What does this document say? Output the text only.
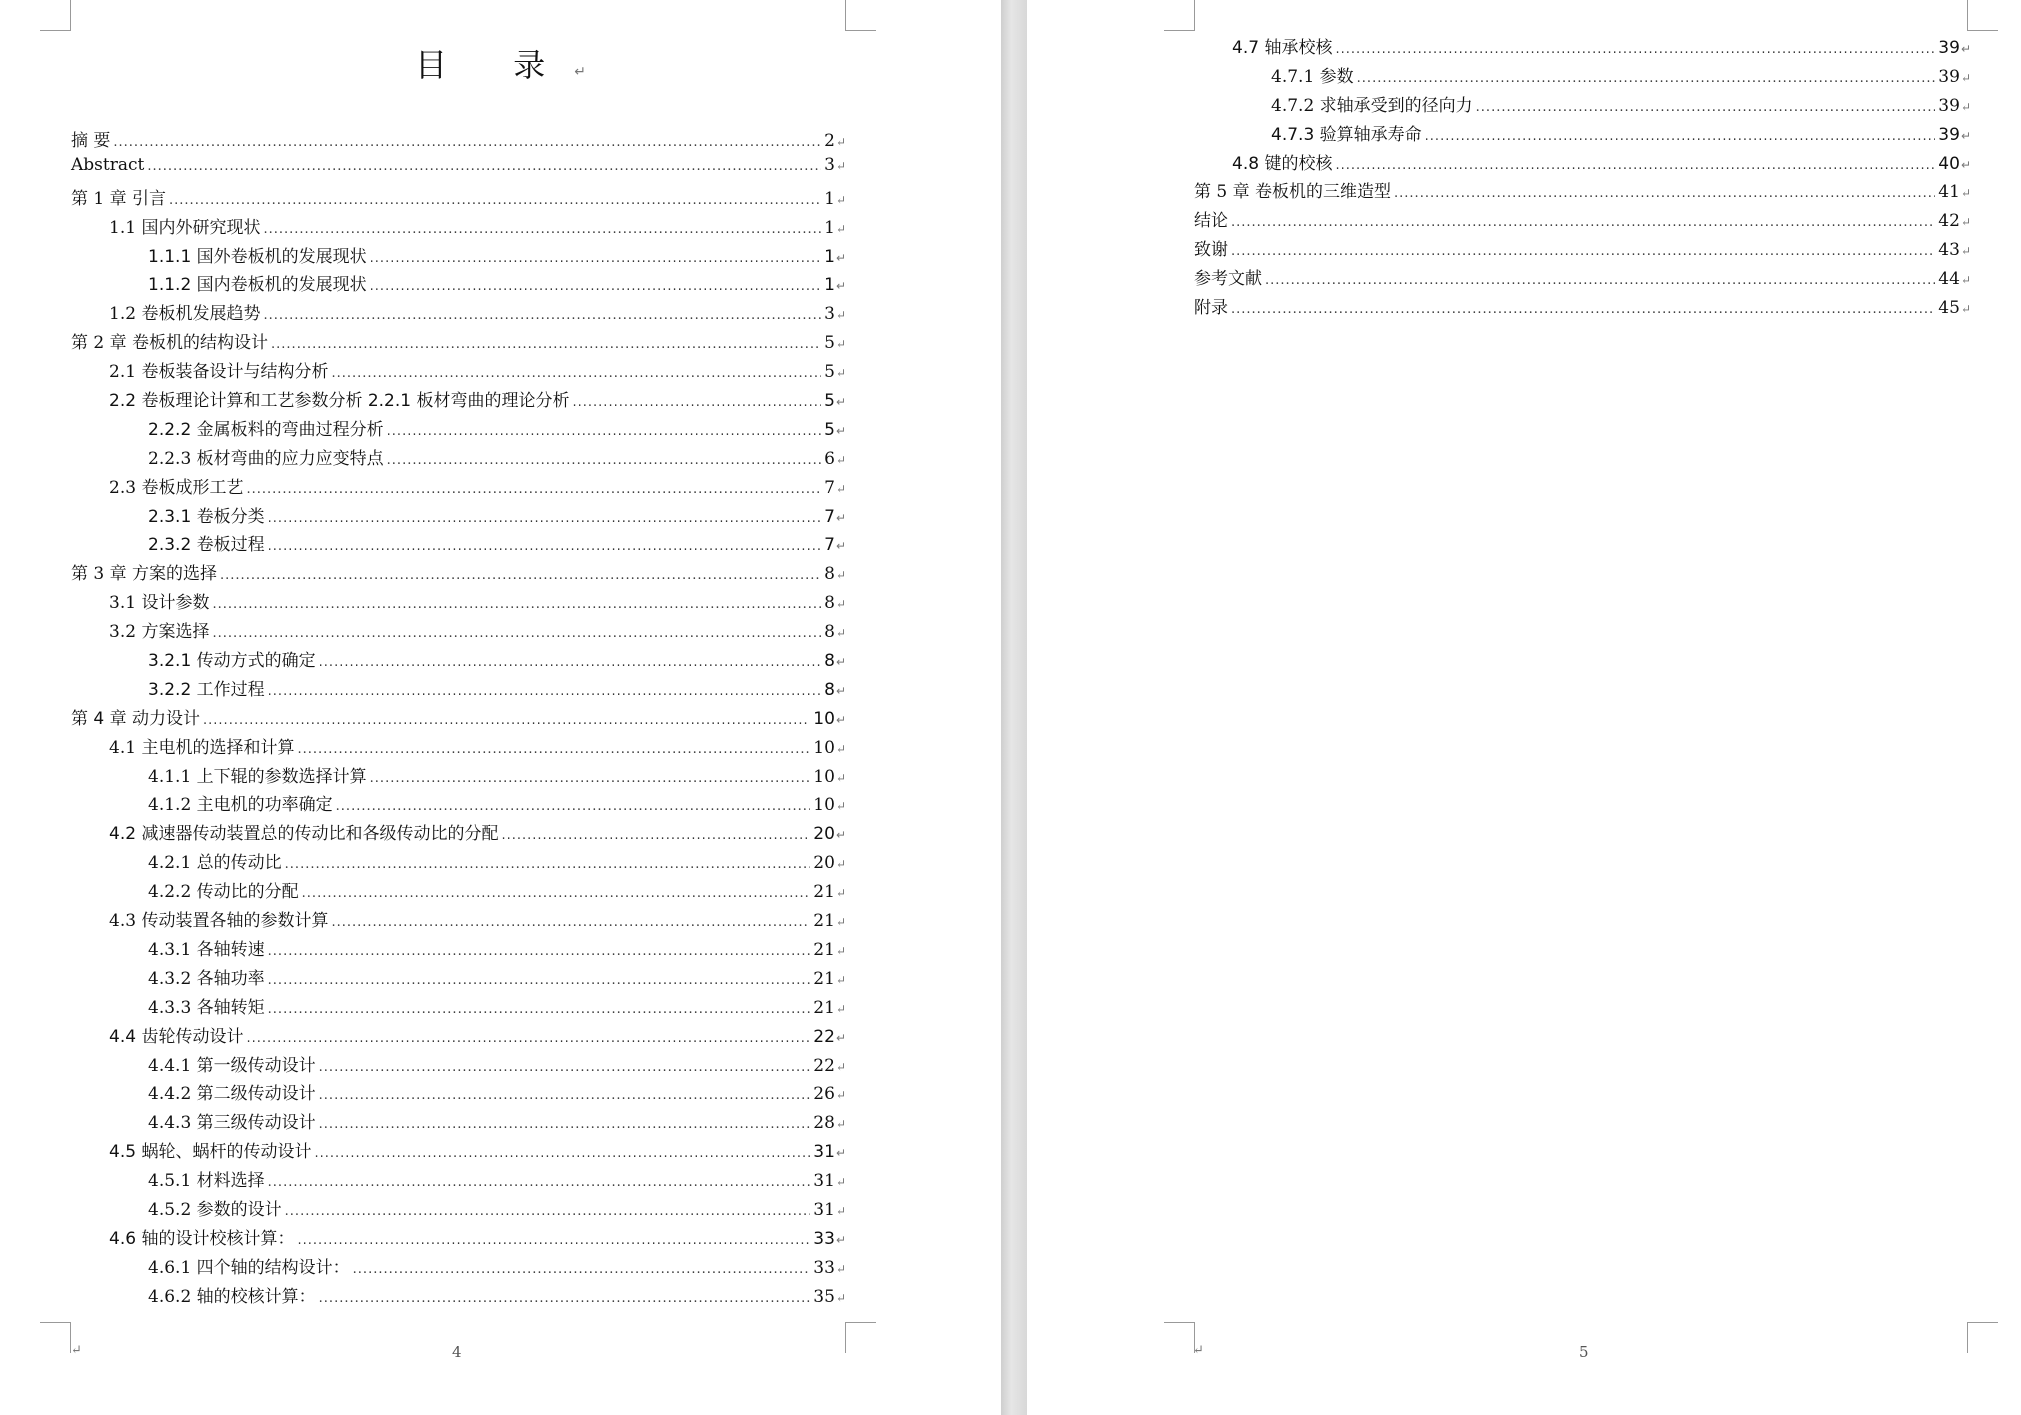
目 录↵
摘 要 .....	2 ↵
Abstract .....	3 ↵
第 1 章 引言 .....	1 ↵
1.1 国内外研究现状 .....	1 ↵
1.1.1 国外卷板机的发展现状 .....	1 ↵
1.1.2 国内卷板机的发展现状 .....	1 ↵
1.2 卷板机发展趋势 .....	3 ↵
第 2 章 卷板机的结构设计 .....	5 ↵
2.1 卷板装备设计与结构分析 .....	5 ↵
2.2 卷板理论计算和工艺参数分析 2.2.1 板材弯曲的理论分析 .....	5 ↵
2.2.2 金属板料的弯曲过程分析 .....	5 ↵
2.2.3 板材弯曲的应力应变特点 .....	6 ↵
2.3 卷板成形工艺 .....	7 ↵
2.3.1 卷板分类 .....	7 ↵
2.3.2 卷板过程 .....	7 ↵
第 3 章 方案的选择 .....	8 ↵
3.1 设计参数 .....	8 ↵
3.2 方案选择 .....	8 ↵
3.2.1 传动方式的确定 .....	8 ↵
3.2.2 工作过程 .....	8 ↵
第 4 章 动力设计 .....	10 ↵
4.1 主电机的选择和计算 .....	10 ↵
4.1.1 上下辊的参数选择计算 .....	10 ↵
4.1.2 主电机的功率确定 .....	10 ↵
4.2 减速器传动装置总的传动比和各级传动比的分配 .....	20 ↵
4.2.1 总的传动比 .....	20 ↵
4.2.2 传动比的分配 .....	21 ↵
4.3 传动装置各轴的参数计算 .....	21 ↵
4.3.1 各轴转速 .....	21 ↵
4.3.2 各轴功率 .....	21 ↵
4.3.3 各轴转矩 .....	21 ↵
4.4 齿轮传动设计 .....	22 ↵
4.4.1 第一级传动设计 .....	22 ↵
4.4.2 第二级传动设计 .....	26 ↵
4.4.3 第三级传动设计 .....	28 ↵
4.5 蜗轮、蜗杆的传动设计 .....	31 ↵
4.5.1 材料选择 .....	31 ↵
4.5.2 参数的设计 .....	31 ↵
4.6 轴的设计校核计算： .....	33 ↵
4.6.1 四个轴的结构设计： .....	33 ↵
4.6.2 轴的校核计算： .....	35 ↵
↵	4	↵	5
4.7 轴承校核 .....	39 ↵
4.7.1 参数 .....	39 ↵
4.7.2 求轴承受到的径向力 .....	39 ↵
4.7.3 验算轴承寿命 .....	39 ↵
4.8 键的校核 .....	40 ↵
第 5 章 卷板机的三维造型 .....	41 ↵
结论 .....	42 ↵
致谢 .....	43 ↵
参考文献 .....	44 ↵
附录 .....	45 ↵
